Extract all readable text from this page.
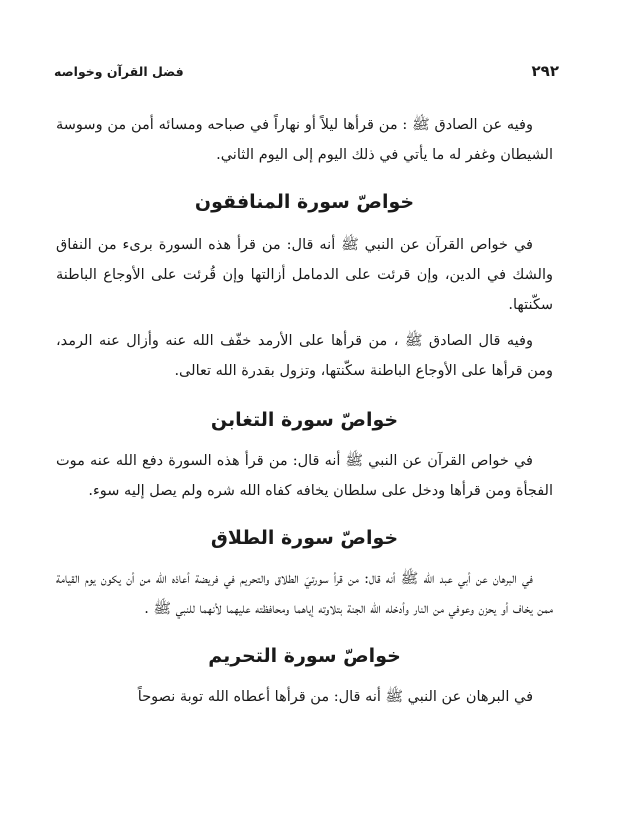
٢٩٢
فضل القرآن وخواصه

وفيه عن الصادق ﷺ : من قرأها ليلاً أو نهاراً في صباحه ومسائه أمن من وسوسة الشيطان وغفر له ما يأتي في ذلك اليوم إلى اليوم الثاني.

خواصّ سورة المنافقون

في خواص القرآن عن النبي ﷺ أنه قال: من قرأ هذه السورة برىء من النفاق والشك في الدين، وإن قرئت على الدمامل أزالتها وإن قُرئت على الأوجاع الباطنة سكّنتها.

وفيه قال الصادق ﷺ ، من قرأها على الأرمد خفّف الله عنه وأزال عنه الرمد، ومن قرأها على الأوجاع الباطنة سكّنتها، وتزول بقدرة الله تعالى.

خواصّ سورة التغابن

في خواص القرآن عن النبي ﷺ أنه قال: من قرأ هذه السورة دفع الله عنه موت الفجأة ومن قرأها ودخل على سلطان يخافه كفاه الله شره ولم يصل إليه سوء.

خواصّ سورة الطلاق

في البرهان عن أبي عبد الله ﷺ أنه قال: من قرأ سورتيَ الطلاق والتحريم في فريضة أعاذه الله من أن يكون يوم القيامة ممن يخاف أو يحزن وعوفي من النار وأدخله الله الجنة بتلاوته إياهما ومحافظته عليهما لأنهما للنبي ﷺ .

خواصّ سورة التحريم

في البرهان عن النبي ﷺ أنه قال: من قرأها أعطاه الله توبة نصوحاً
